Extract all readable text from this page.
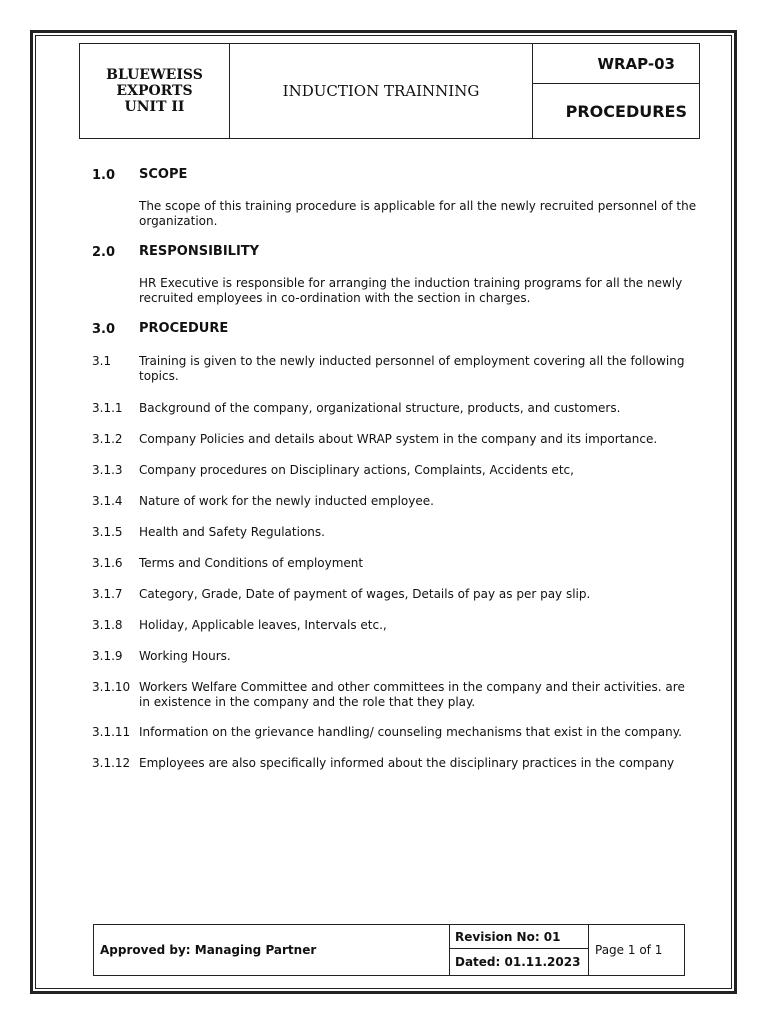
BLUEWEISS
EXPORTS
UNIT II
INDUCTION TRAINNING
WRAP-03
PROCEDURES
1.0 SCOPE
The scope of this training procedure is applicable for all the newly recruited personnel of the organization.
2.0 RESPONSIBILITY
HR Executive is responsible for arranging the induction training programs for all the newly recruited employees in co-ordination with the section in charges.
3.0 PROCEDURE
3.1 Training is given to the newly inducted personnel of employment covering all the following topics.
3.1.1 Background of the company, organizational structure, products, and customers.
3.1.2 Company Policies and details about WRAP system in the company and its importance.
3.1.3 Company procedures on Disciplinary actions, Complaints, Accidents etc,
3.1.4 Nature of work for the newly inducted employee.
3.1.5 Health and Safety Regulations.
3.1.6 Terms and Conditions of employment
3.1.7 Category, Grade, Date of payment of wages, Details of pay as per pay slip.
3.1.8 Holiday, Applicable leaves, Intervals etc.,
3.1.9 Working Hours.
3.1.10 Workers Welfare Committee and other committees in the company and their activities. are in existence in the company and the role that they play.
3.1.11 Information on the grievance handling/ counseling mechanisms that exist in the company.
3.1.12 Employees are also specifically informed about the disciplinary practices in the company
Approved by: Managing Partner
Revision No: 01
Dated: 01.11.2023
Page 1 of 1
